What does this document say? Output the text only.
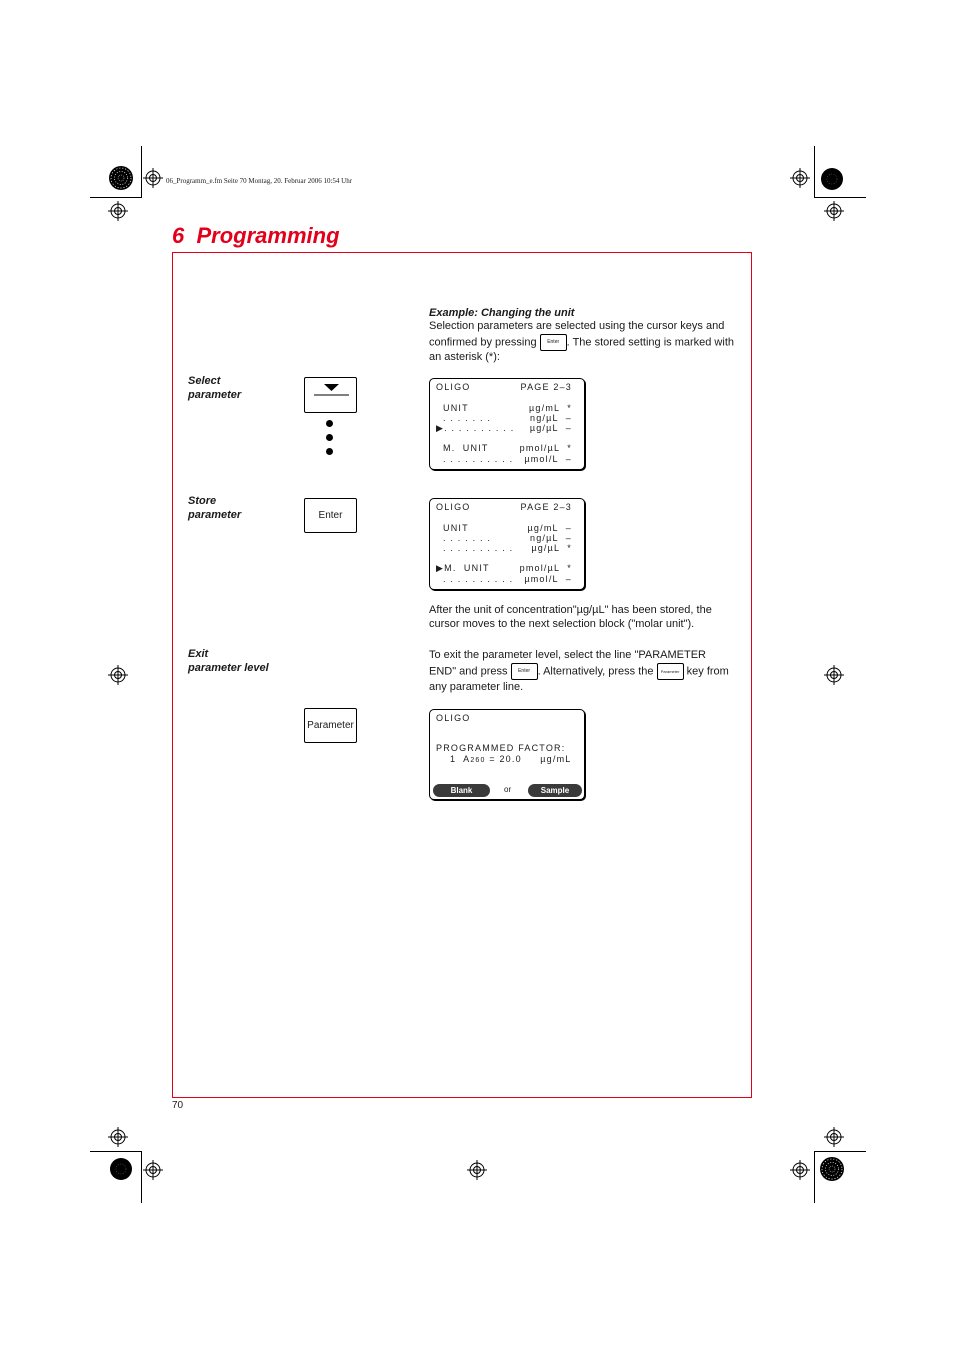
06_Programm_e.fm Seite 70 Montag, 20. Februar 2006 10:54 Uhr
6 Programming
Example: Changing the unit
Selection parameters are selected using the cursor keys and confirmed by pressing Enter . The stored setting is marked with an asterisk (*):
Select
parameter
OLIGO	PAGE 2–3
UNIT	µg/mL  *
. . . . . . .	ng/µL  –
▶. . . . . . . . . . µg/µL  –
M.  UNIT	pmol/µL  *
. . . . . . . . . . µmol/L  –
Store
parameter	Enter
OLIGO	PAGE 2–3
UNIT	µg/mL  –
. . . . . . .	ng/µL  –
. . . . . . . . . . µg/µL  *
▶M.  UNIT	pmol/µL  *
. . . . . . . . . . µmol/L  –
After the unit of concentration"µg/µL" has been stored, the cursor moves to the next selection block ("molar unit").
Exit
parameter level
To exit the parameter level, select the line "PARAMETER END" and press Enter . Alternatively, press the Parameter key from any parameter line.
Parameter
OLIGO
PROGRAMMED FACTOR:
1  A260 = 20.0     µg/mL
Blank	or	Sample
70
